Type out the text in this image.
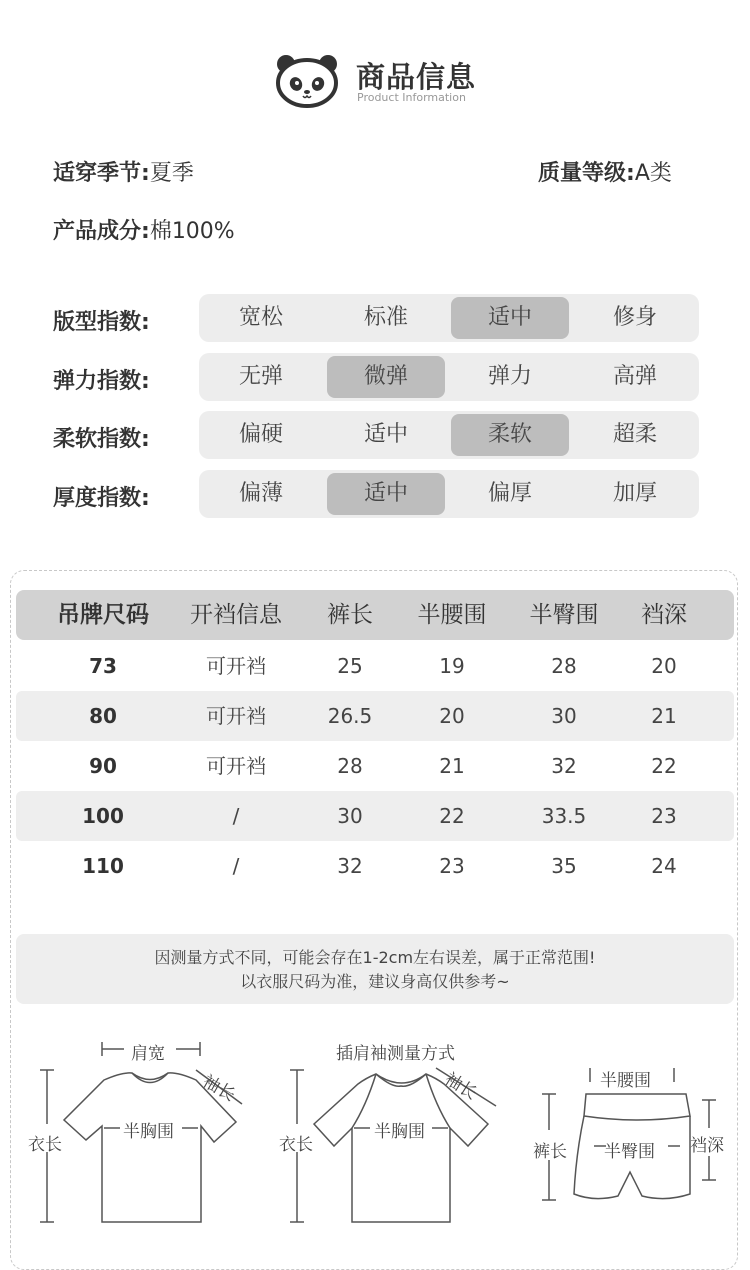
商品信息
Product Information
适穿季节:夏季	质量等级:A类
产品成分:棉100%
版型指数:	宽松	标准	适中	修身
弹力指数:	无弹	微弹	弹力	高弹
柔软指数:	偏硬	适中	柔软	超柔
厚度指数:	偏薄	适中	偏厚	加厚
吊牌尺码	开裆信息	裤长	半腰围	半臀围	裆深
73	可开裆	25	19	28	20
80	可开裆	26.5	20	30	21
90	可开裆	28	21	32	22
100	/	30	22	33.5	23
110	/	32	23	35	24
因测量方式不同，可能会存在1-2cm左右误差，属于正常范围!
以衣服尺码为准，建议身高仅供参考~
肩宽
袖长
半胸围
衣长
插肩袖测量方式
袖长
半胸围
衣长
半腰围
裤长 半臀围 裆深
